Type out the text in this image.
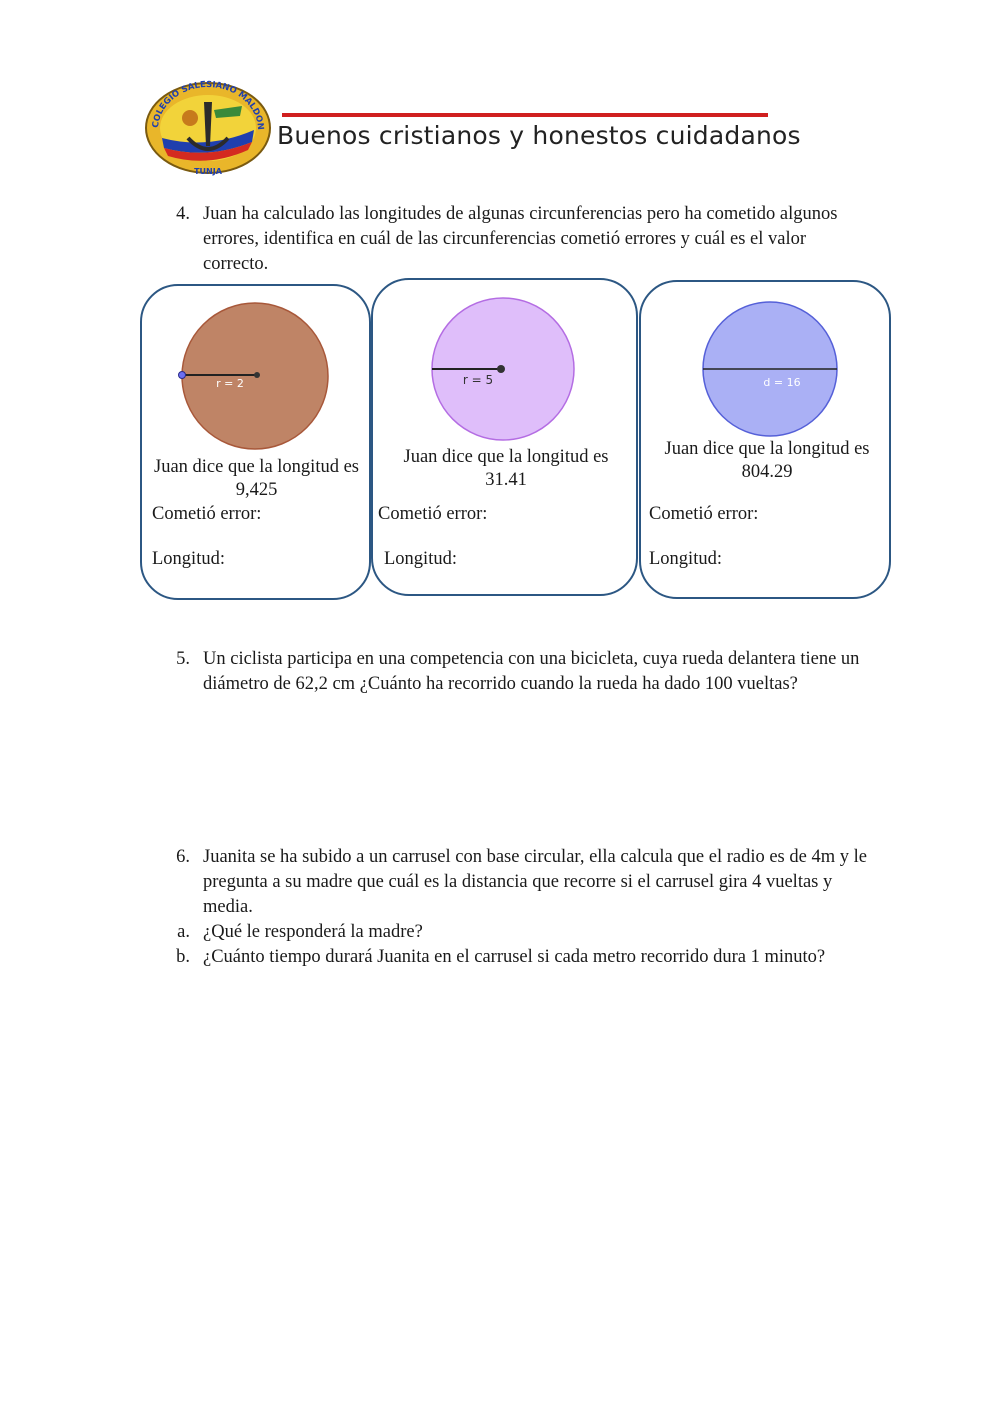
COLEGIO SALESIANO MALDON
TUNJA
Buenos cristianos y honestos cuidadanos
4. Juan ha calculado las longitudes de algunas circunferencias pero ha cometido algunos errores, identifica en cuál de las circunferencias cometió errores y cuál es el valor correcto.
r = 2
Juan dice que la longitud es 9,425
Cometió error:
Longitud:
r = 5
Juan dice que la longitud es 31.41
Cometió error:
Longitud:
d = 16
Juan dice que la longitud es 804.29
Cometió error:
Longitud:
5. Un ciclista participa en una competencia con una bicicleta, cuya rueda delantera tiene un diámetro de 62,2 cm ¿Cuánto ha recorrido cuando la rueda ha dado 100 vueltas?
6. Juanita se ha subido a un carrusel con base circular, ella calcula que el radio es de 4m y le pregunta a su madre que cuál es la distancia que recorre si el carrusel gira 4 vueltas y media.
a. ¿Qué le responderá la madre?
b. ¿Cuánto tiempo durará Juanita en el carrusel si cada metro recorrido dura 1 minuto?
